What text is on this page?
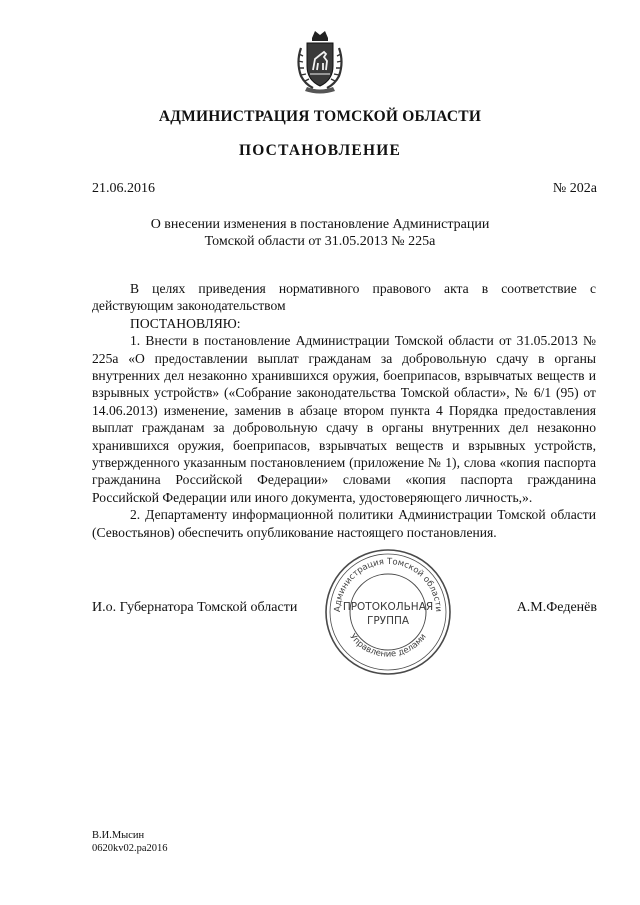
АДМИНИСТРАЦИЯ ТОМСКОЙ ОБЛАСТИ
ПОСТАНОВЛЕНИЕ
21.06.2016	№ 202а
О внесении изменения в постановление Администрации
Томской области от 31.05.2013 № 225а

В целях приведения нормативного правового акта в соответствие с действующим законодательством

ПОСТАНОВЛЯЮ:

1. Внести в постановление Администрации Томской области от 31.05.2013 № 225а «О предоставлении выплат гражданам за добровольную сдачу в органы внутренних дел незаконно хранившихся оружия, боеприпасов, взрывчатых веществ и взрывных устройств» («Собрание законодательства Томской области», № 6/1 (95) от 14.06.2013) изменение, заменив в абзаце втором пункта 4 Порядка предоставления выплат гражданам за добровольную сдачу в органы внутренних дел незаконно хранившихся оружия, боеприпасов, взрывчатых веществ и взрывных устройств, утвержденного указанным постановлением (приложение № 1), слова «копия паспорта гражданина Российской Федерации» словами «копия паспорта гражданина Российской Федерации или иного документа, удостоверяющего личность,».

2. Департаменту информационной политики Администрации Томской области (Севостьянов) обеспечить опубликование настоящего постановления.

И.о. Губернатора Томской области	А.М.Феденёв
Администрация Томской области
Управление делами
ПРОТОКОЛЬНАЯ
ГРУППА
В.И.Мысин
0620kv02.pa2016
